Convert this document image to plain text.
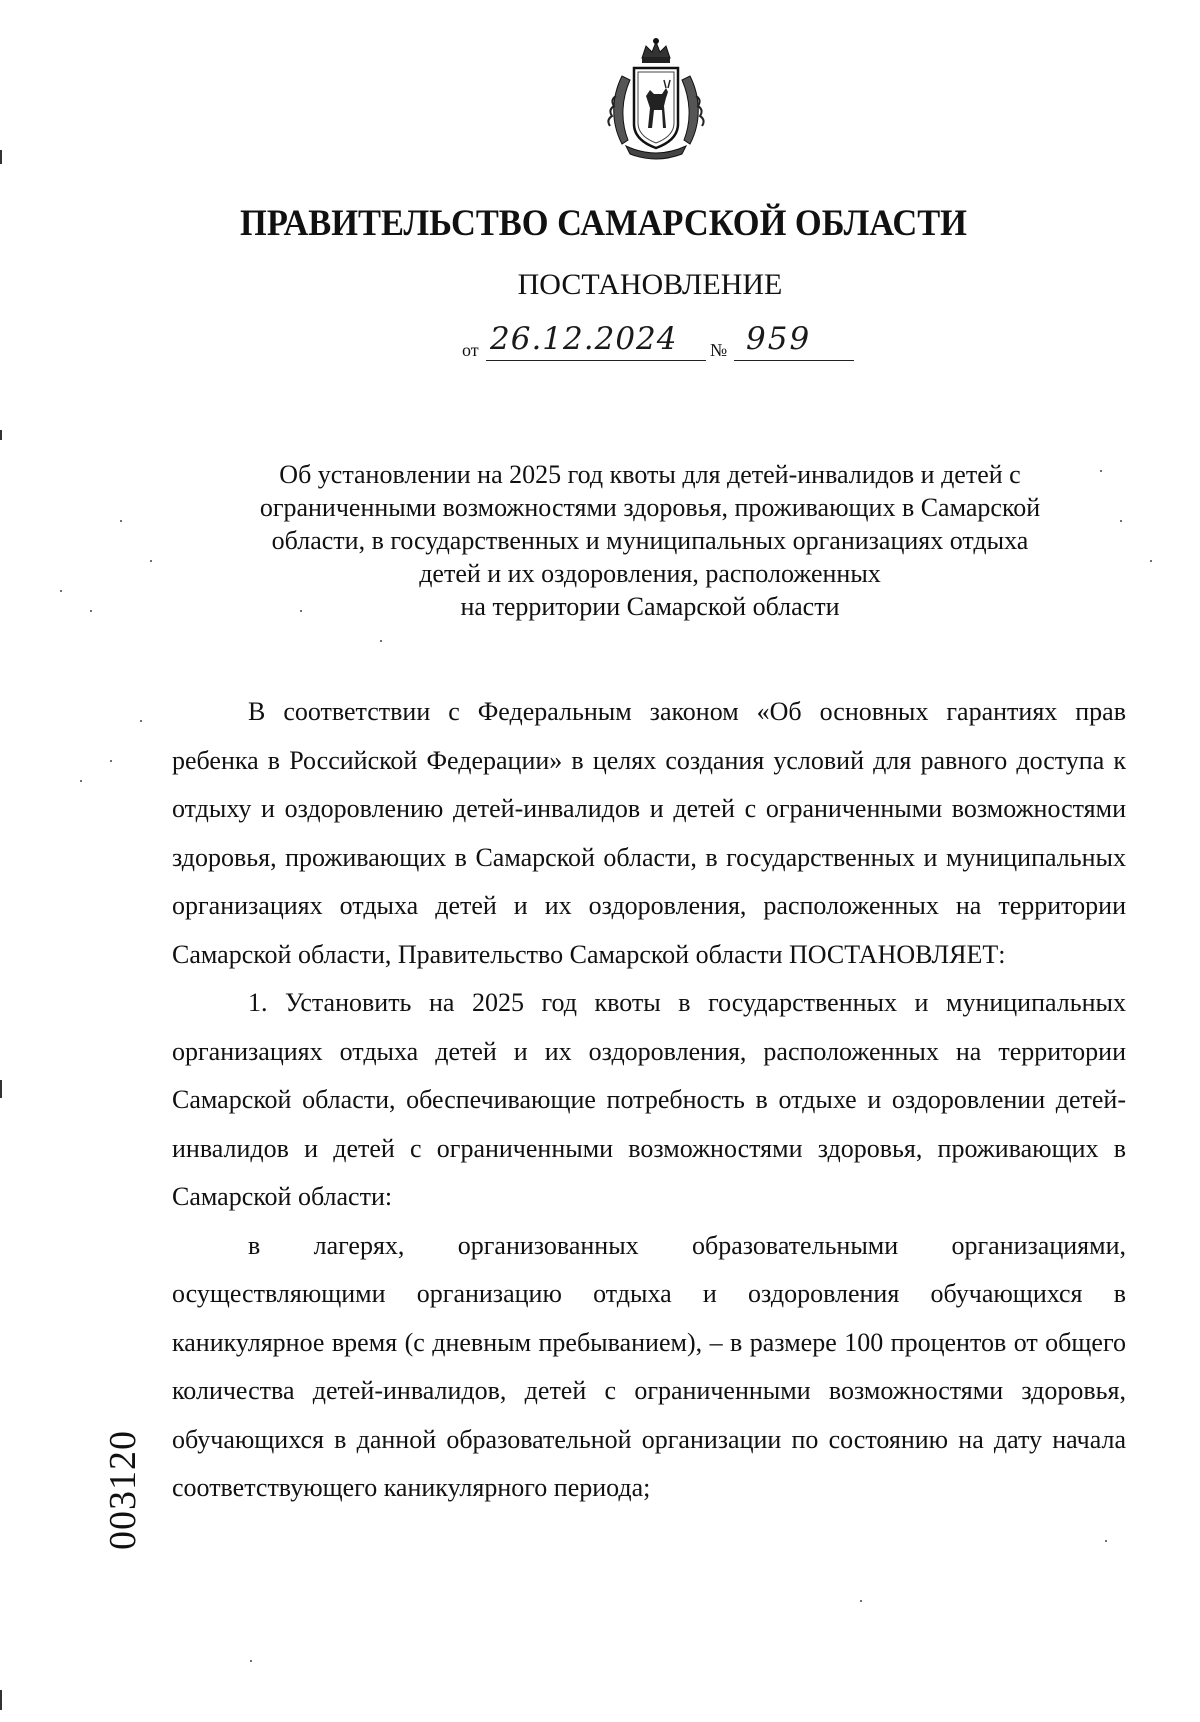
ПРАВИТЕЛЬСТВО САМАРСКОЙ ОБЛАСТИ
ПОСТАНОВЛЕНИЕ
от 26.12.2024 № 959
Об установлении на 2025 год квоты для детей-инвалидов и детей с
ограниченными возможностями здоровья, проживающих в Самарской
области, в государственных и муниципальных организациях отдыха
детей и их оздоровления, расположенных
на территории Самарской области

В соответствии с Федеральным законом «Об основных гарантиях прав ребенка в Российской Федерации» в целях создания условий для равного доступа к отдыху и оздоровлению детей-инвалидов и детей с ограниченными возможностями здоровья, проживающих в Самарской области, в государственных и муниципальных организациях отдыха детей и их оздоровления, расположенных на территории Самарской области, Правительство Самарской области ПОСТАНОВЛЯЕТ:

1. Установить на 2025 год квоты в государственных и муниципальных организациях отдыха детей и их оздоровления, расположенных на территории Самарской области, обеспечивающие потребность в отдыхе и оздоровлении детей-инвалидов и детей с ограниченными возможностями здоровья, проживающих в Самарской области:

в лагерях, организованных образовательными организациями, осуществляющими организацию отдыха и оздоровления обучающихся в каникулярное время (с дневным пребыванием), – в размере 100 процентов от общего количества детей-инвалидов, детей с ограниченными возможностями здоровья, обучающихся в данной образовательной организации по состоянию на дату начала соответствующего каникулярного периода;

003120
